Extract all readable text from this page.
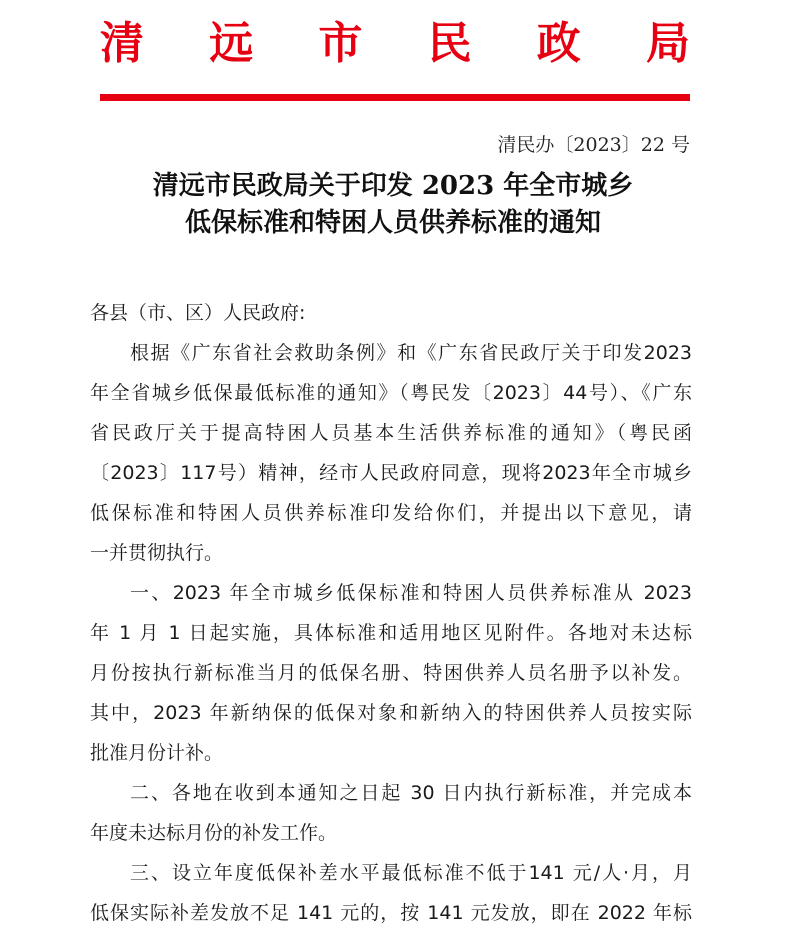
清 远 市 民 政 局
清民办〔2023〕22 号
清远市民政局关于印发 2023 年全市城乡
低保标准和特困人员供养标准的通知
各县（市、区）人民政府:
根据《广东省社会救助条例》和《广东省民政厅关于印发2023
年全省城乡低保最低标准的通知》（粤民发〔2023〕44号）、《广东
省民政厅关于提高特困人员基本生活供养标准的通知》（粤民函
〔2023〕117号）精神，经市人民政府同意，现将2023年全市城乡
低保标准和特困人员供养标准印发给你们，并提出以下意见，请
一并贯彻执行。
一、2023 年全市城乡低保标准和特困人员供养标准从 2023
年 1 月 1 日起实施，具体标准和适用地区见附件。各地对未达标
月份按执行新标准当月的低保名册、特困供养人员名册予以补发。
其中，2023 年新纳保的低保对象和新纳入的特困供养人员按实际
批准月份计补。
二、各地在收到本通知之日起 30 日内执行新标准，并完成本
年度未达标月份的补发工作。
三、设立年度低保补差水平最低标准不低于141 元/人·月，月
低保实际补差发放不足 141 元的，按 141 元发放，即在 2022 年标
